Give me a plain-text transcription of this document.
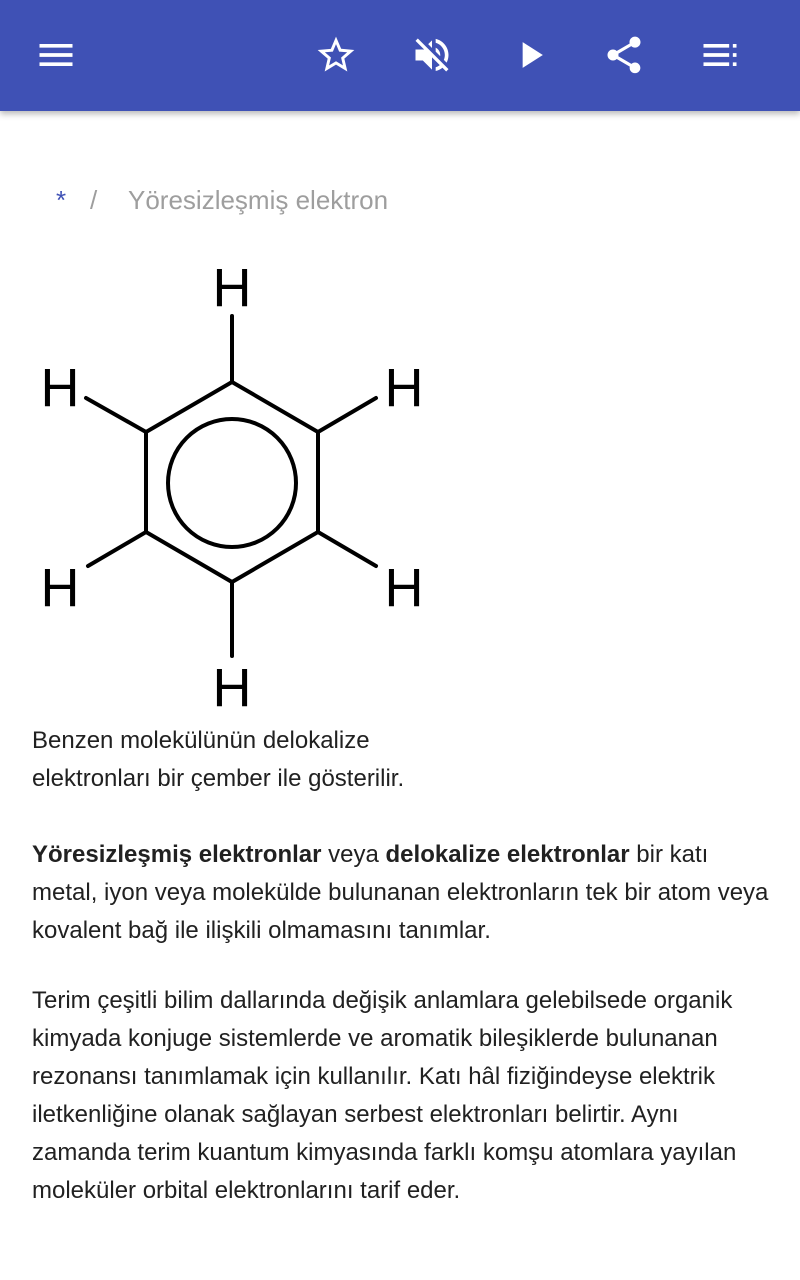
* / Yöresizleşmiş elektron
H
H
H
H
H
H
Benzen molekülünün delokalize elektronları bir çember ile gösterilir.

Yöresizleşmiş elektronlar veya delokalize elektronlar bir katı metal, iyon veya molekülde bulunanan elektronların tek bir atom veya kovalent bağ ile ilişkili olmamasını tanımlar.

Terim çeşitli bilim dallarında değişik anlamlara gelebilsede organik kimyada konjuge sistemlerde ve aromatik bileşiklerde bulunanan rezonansı tanımlamak için kullanılır. Katı hâl fiziğindeyse elektrik iletkenliğine olanak sağlayan serbest elektronları belirtir. Aynı zamanda terim kuantum kimyasında farklı komşu atomlara yayılan moleküler orbital elektronlarını tarif eder.
